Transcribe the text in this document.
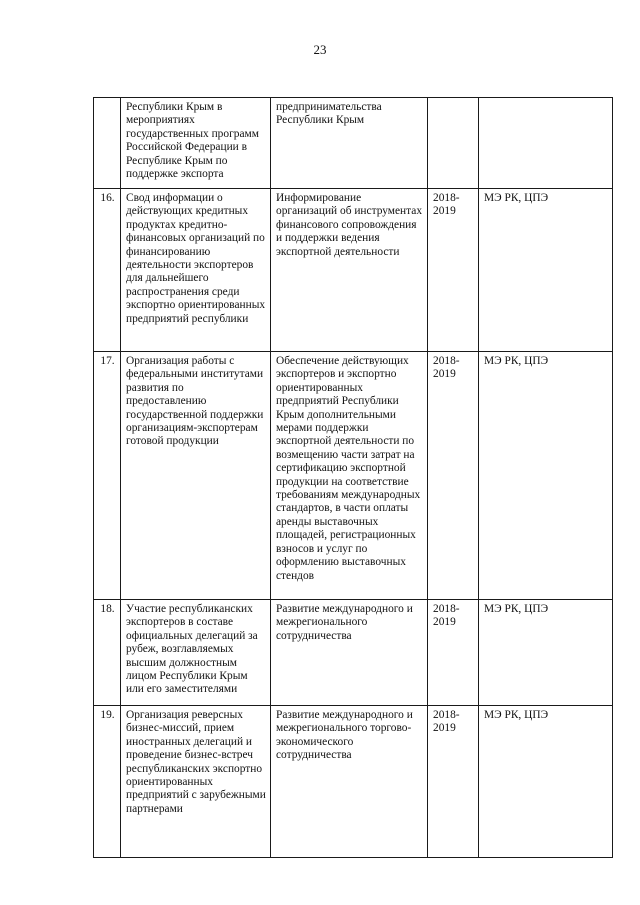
23
	Республики Крым в мероприятиях государственных программ Российской Федерации в Республике Крым по поддержке экспорта	предпринимательства Республики Крым		
16.	Свод информации о действующих кредитных продуктах кредитно-финансовых организаций по финансированию деятельности экспортеров для дальнейшего распространения среди экспортно ориентированных предприятий республики	Информирование организаций об инструментах финансового сопровождения и поддержки ведения экспортной деятельности	2018-2019	МЭ РК, ЦПЭ
17.	Организация работы с федеральными институтами развития по предоставлению государственной поддержки организациям-экспортерам готовой продукции	Обеспечение действующих экспортеров и экспортно ориентированных предприятий Республики Крым дополнительными мерами поддержки экспортной деятельности по возмещению части затрат на сертификацию экспортной продукции на соответствие требованиям международных стандартов, в части оплаты аренды выставочных площадей, регистрационных взносов и услуг по оформлению выставочных стендов	2018-2019	МЭ РК, ЦПЭ
18.	Участие республиканских экспортеров в составе официальных делегаций за рубеж, возглавляемых высшим должностным лицом Республики Крым или его заместителями	Развитие международного и межрегионального сотрудничества	2018-2019	МЭ РК, ЦПЭ
19.	Организация реверсных бизнес-миссий, прием иностранных делегаций и проведение бизнес-встреч республиканских экспортно ориентированных предприятий с зарубежными партнерами	Развитие международного и межрегионального торгово-экономического сотрудничества	2018-2019	МЭ РК, ЦПЭ
